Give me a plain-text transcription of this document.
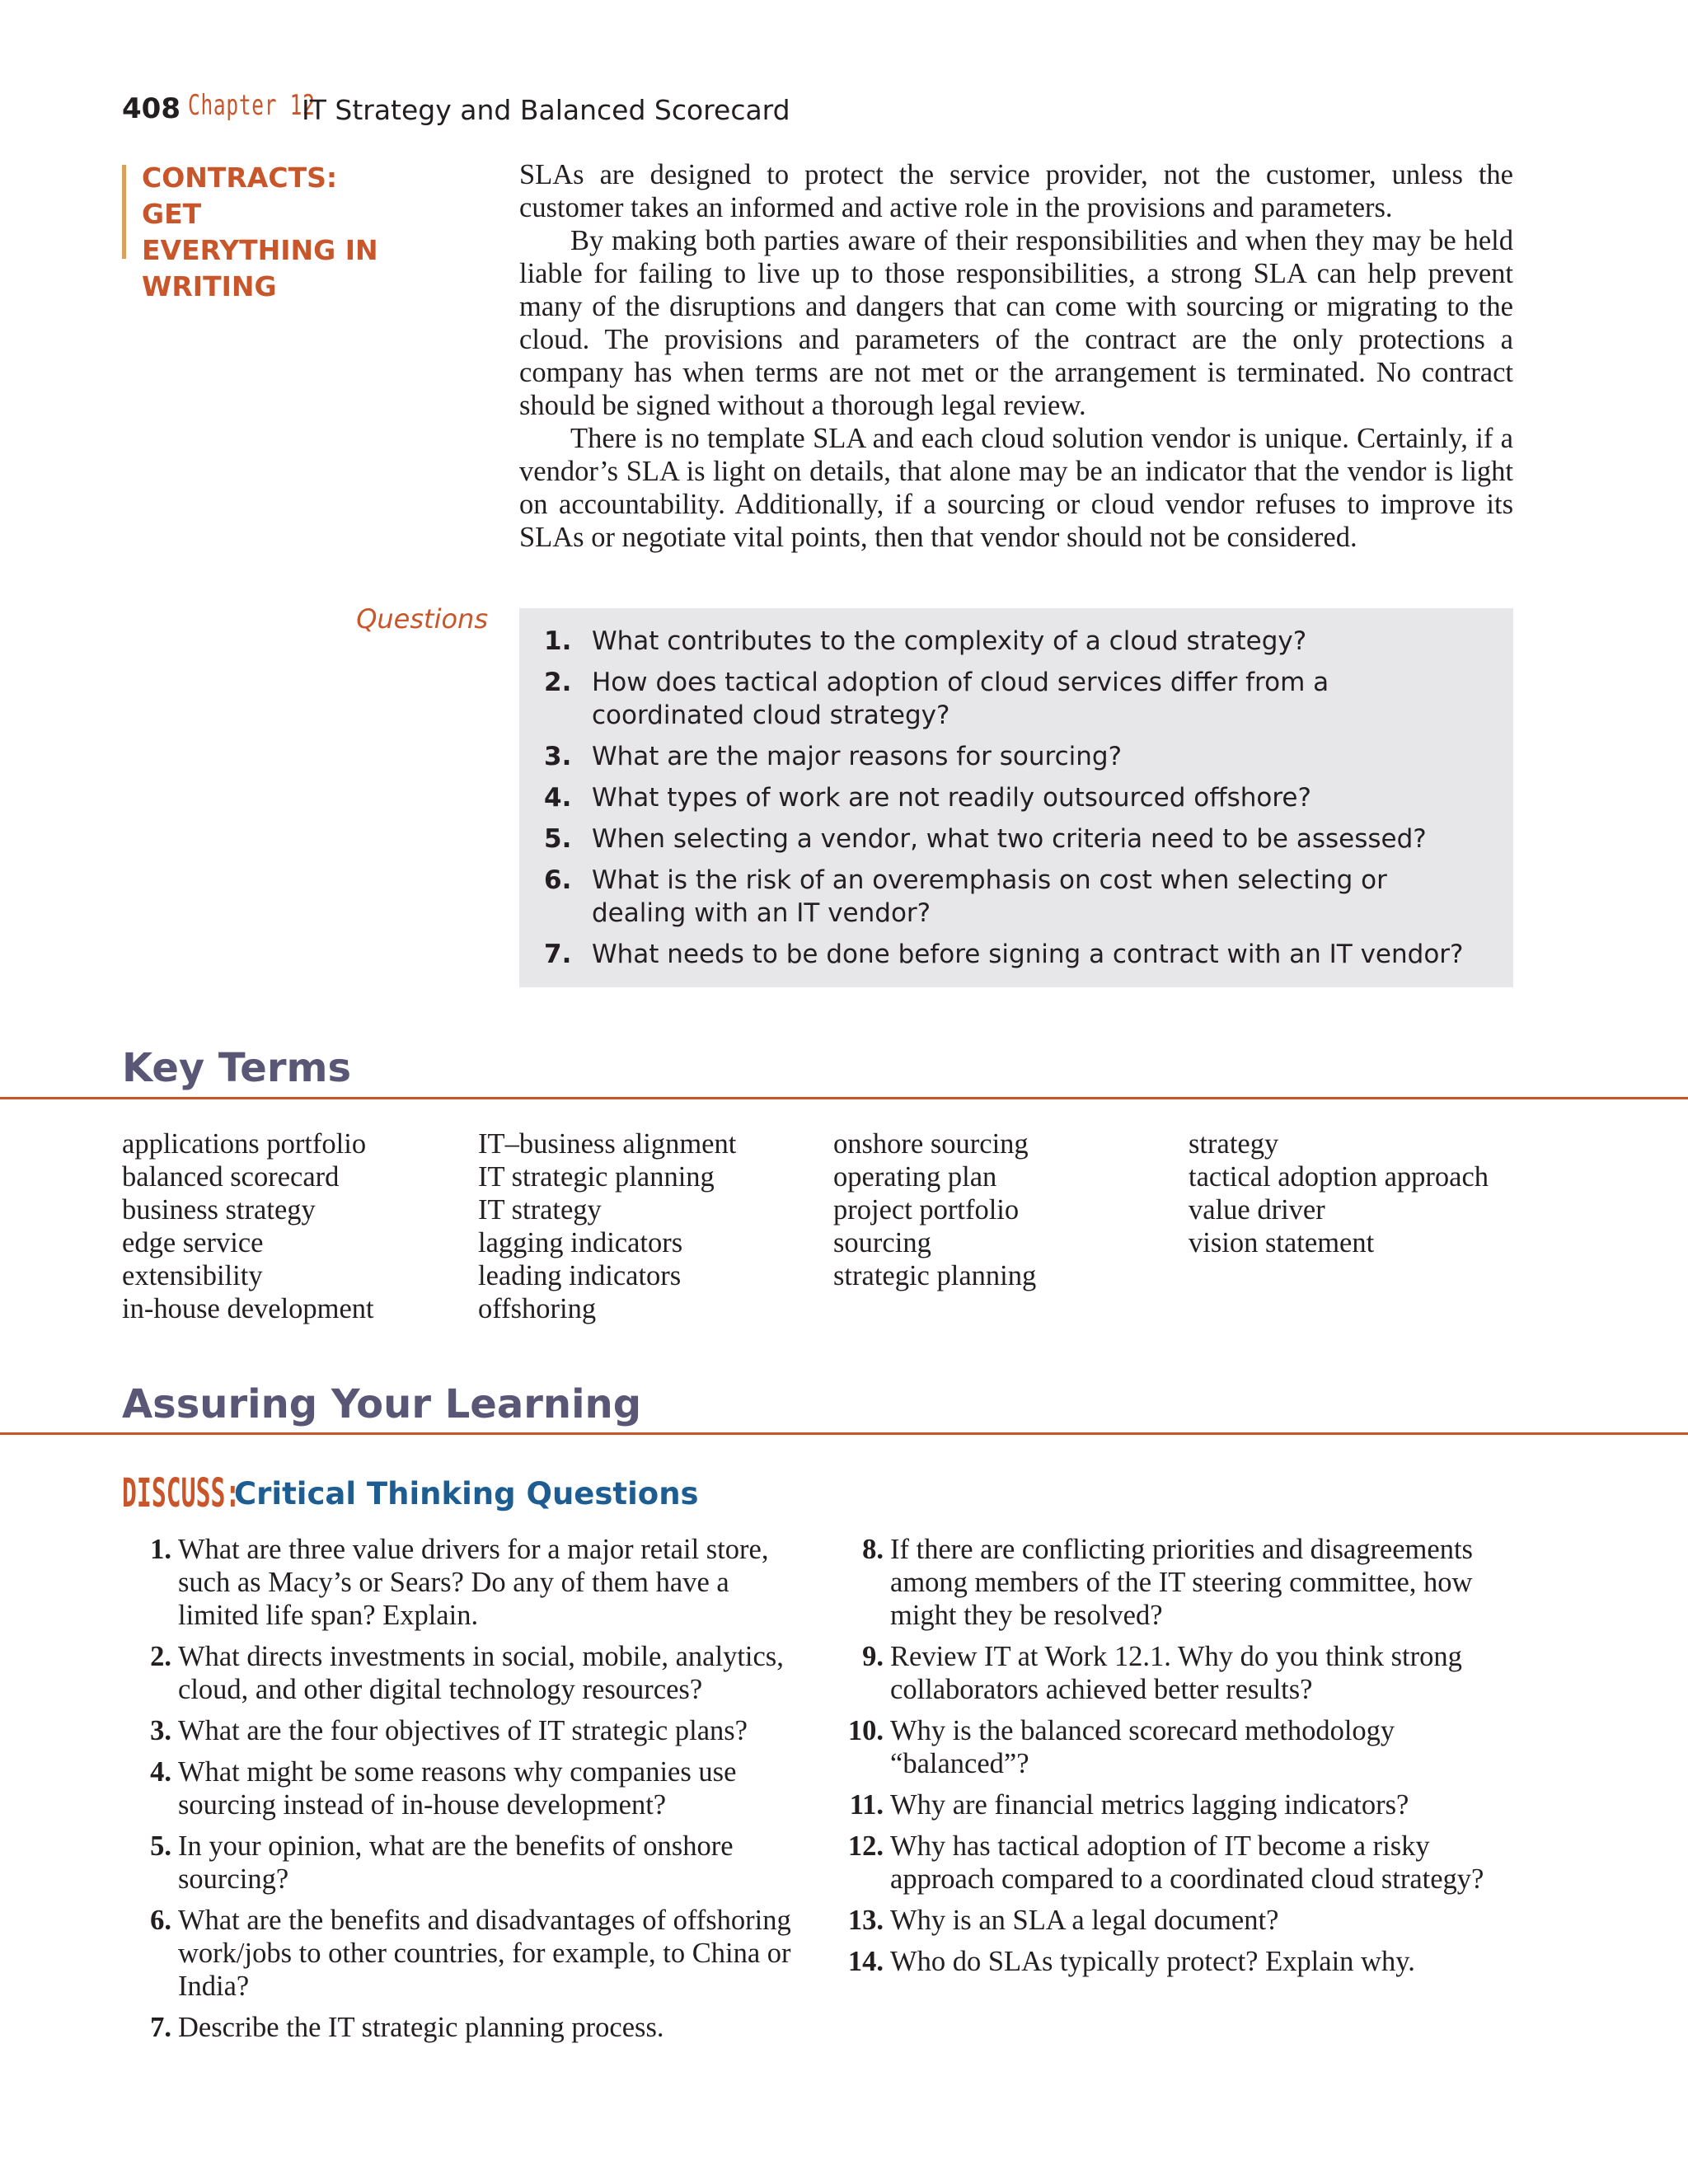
408 Chapter 12
IT Strategy and Balanced Scorecard
CONTRACTS: GET EVERYTHING IN WRITING

SLAs are designed to protect the service provider, not the customer, unless the customer takes an informed and active role in the provisions and parameters.

By making both parties aware of their responsibilities and when they may be held liable for failing to live up to those responsibilities, a strong SLA can help prevent many of the disruptions and dangers that can come with sourcing or migrating to the cloud. The provisions and parameters of the contract are the only protections a company has when terms are not met or the arrangement is terminated. No contract should be signed without a thorough legal review.

There is no template SLA and each cloud solution vendor is unique. Certainly, if a vendor’s SLA is light on details, that alone may be an indicator that the vendor is light on accountability. Additionally, if a sourcing or cloud vendor refuses to improve its SLAs or negotiate vital points, then that vendor should not be considered.

Questions
1. What contributes to the complexity of a cloud strategy?
2. How does tactical adoption of cloud services differ from a coordinated cloud strategy?
3. What are the major reasons for sourcing?
4. What types of work are not readily outsourced offshore?
5. When selecting a vendor, what two criteria need to be assessed?
6. What is the risk of an overemphasis on cost when selecting or dealing with an IT vendor?
7. What needs to be done before signing a contract with an IT vendor?
Key Terms
applications portfolio
balanced scorecard
business strategy
edge service
extensibility
in-house development
IT–business alignment
IT strategic planning
IT strategy
lagging indicators
leading indicators
offshoring
onshore sourcing
operating plan
project portfolio
sourcing
strategic planning
strategy
tactical adoption approach
value driver
vision statement
Assuring Your Learning
DISCUSS:
Critical Thinking Questions
1. What are three value drivers for a major retail store, such as Macy’s or Sears? Do any of them have a limited life span? Explain.
2. What directs investments in social, mobile, analytics, cloud, and other digital technology resources?
3. What are the four objectives of IT strategic plans?
4. What might be some reasons why companies use sourcing instead of in-house development?
5. In your opinion, what are the benefits of onshore sourcing?
6. What are the benefits and disadvantages of offshoring work/jobs to other countries, for example, to China or India?
7. Describe the IT strategic planning process.
8. If there are conflicting priorities and disagreements among members of the IT steering committee, how might they be resolved?
9. Review IT at Work 12.1. Why do you think strong collaborators achieved better results?
10. Why is the balanced scorecard methodology “balanced”?
11. Why are financial metrics lagging indicators?
12. Why has tactical adoption of IT become a risky approach compared to a coordinated cloud strategy?
13. Why is an SLA a legal document?
14. Who do SLAs typically protect? Explain why.
